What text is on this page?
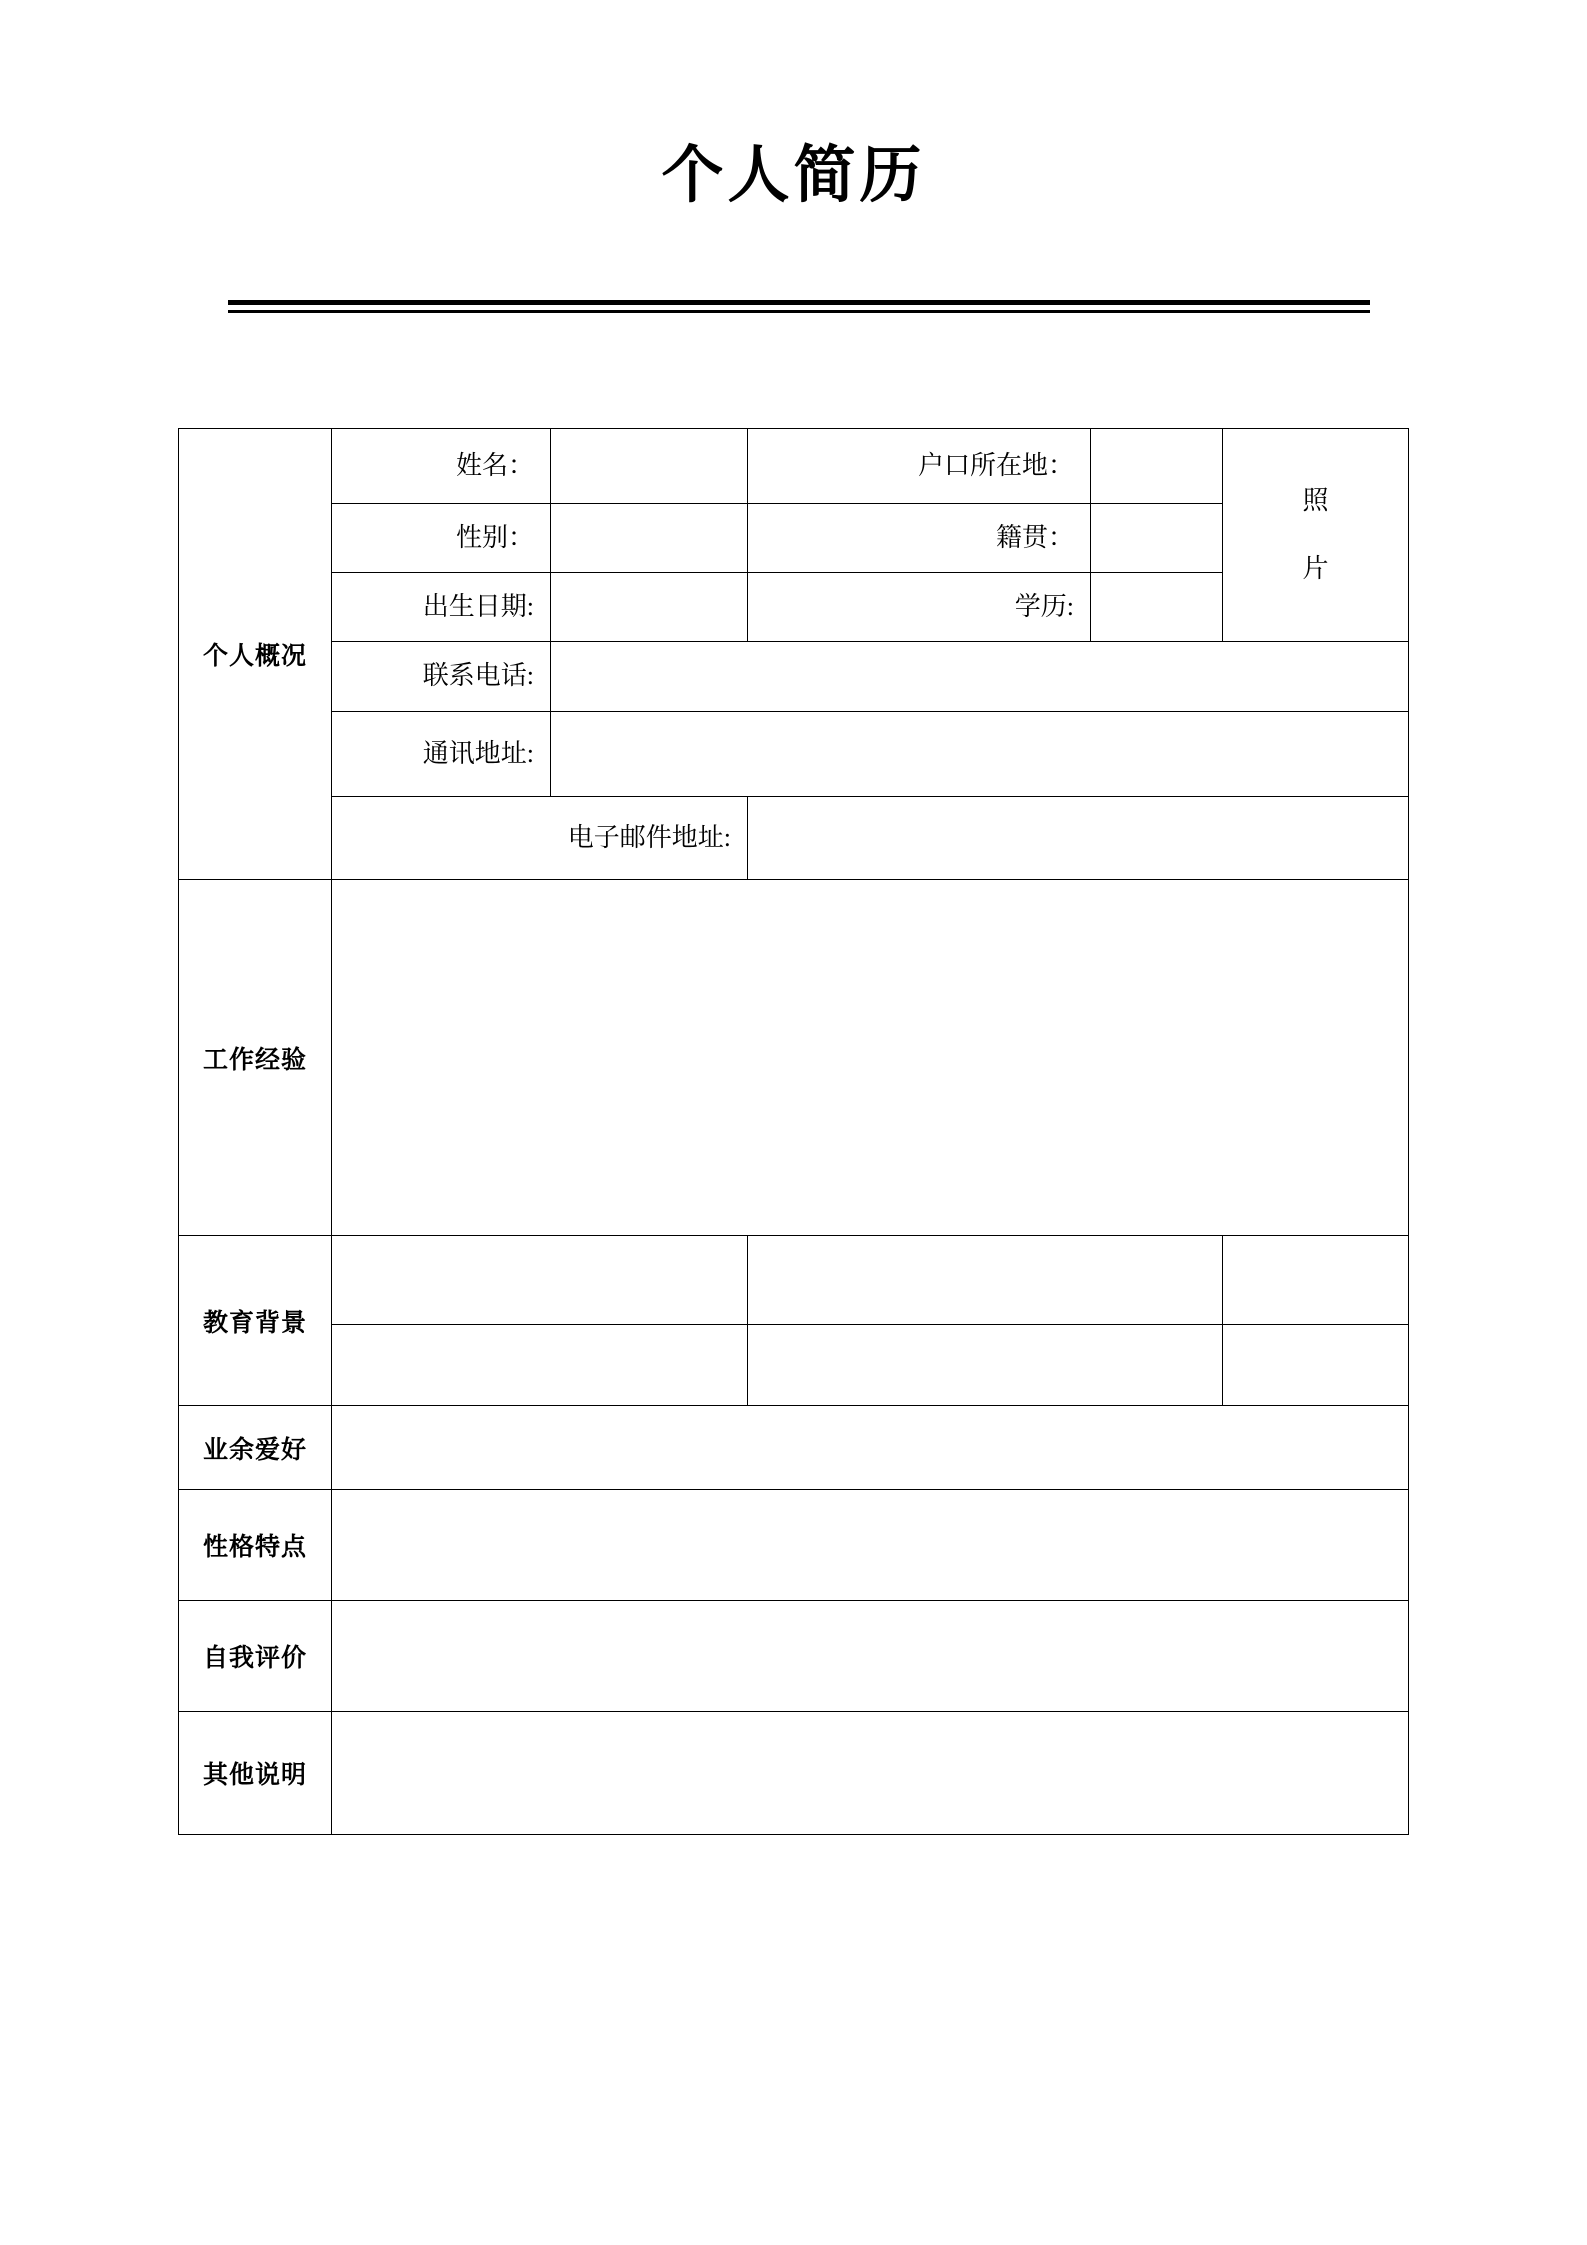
个人简历
个人概况	姓名：		户口所在地：		照
片

	性别：		籍贯：		
	出生日期:		学历:		
	联系电话:				
	通讯地址:				
	电子邮件地址:				
工作经验					
教育背景					

业余爱好					
性格特点					
自我评价					
其他说明					
